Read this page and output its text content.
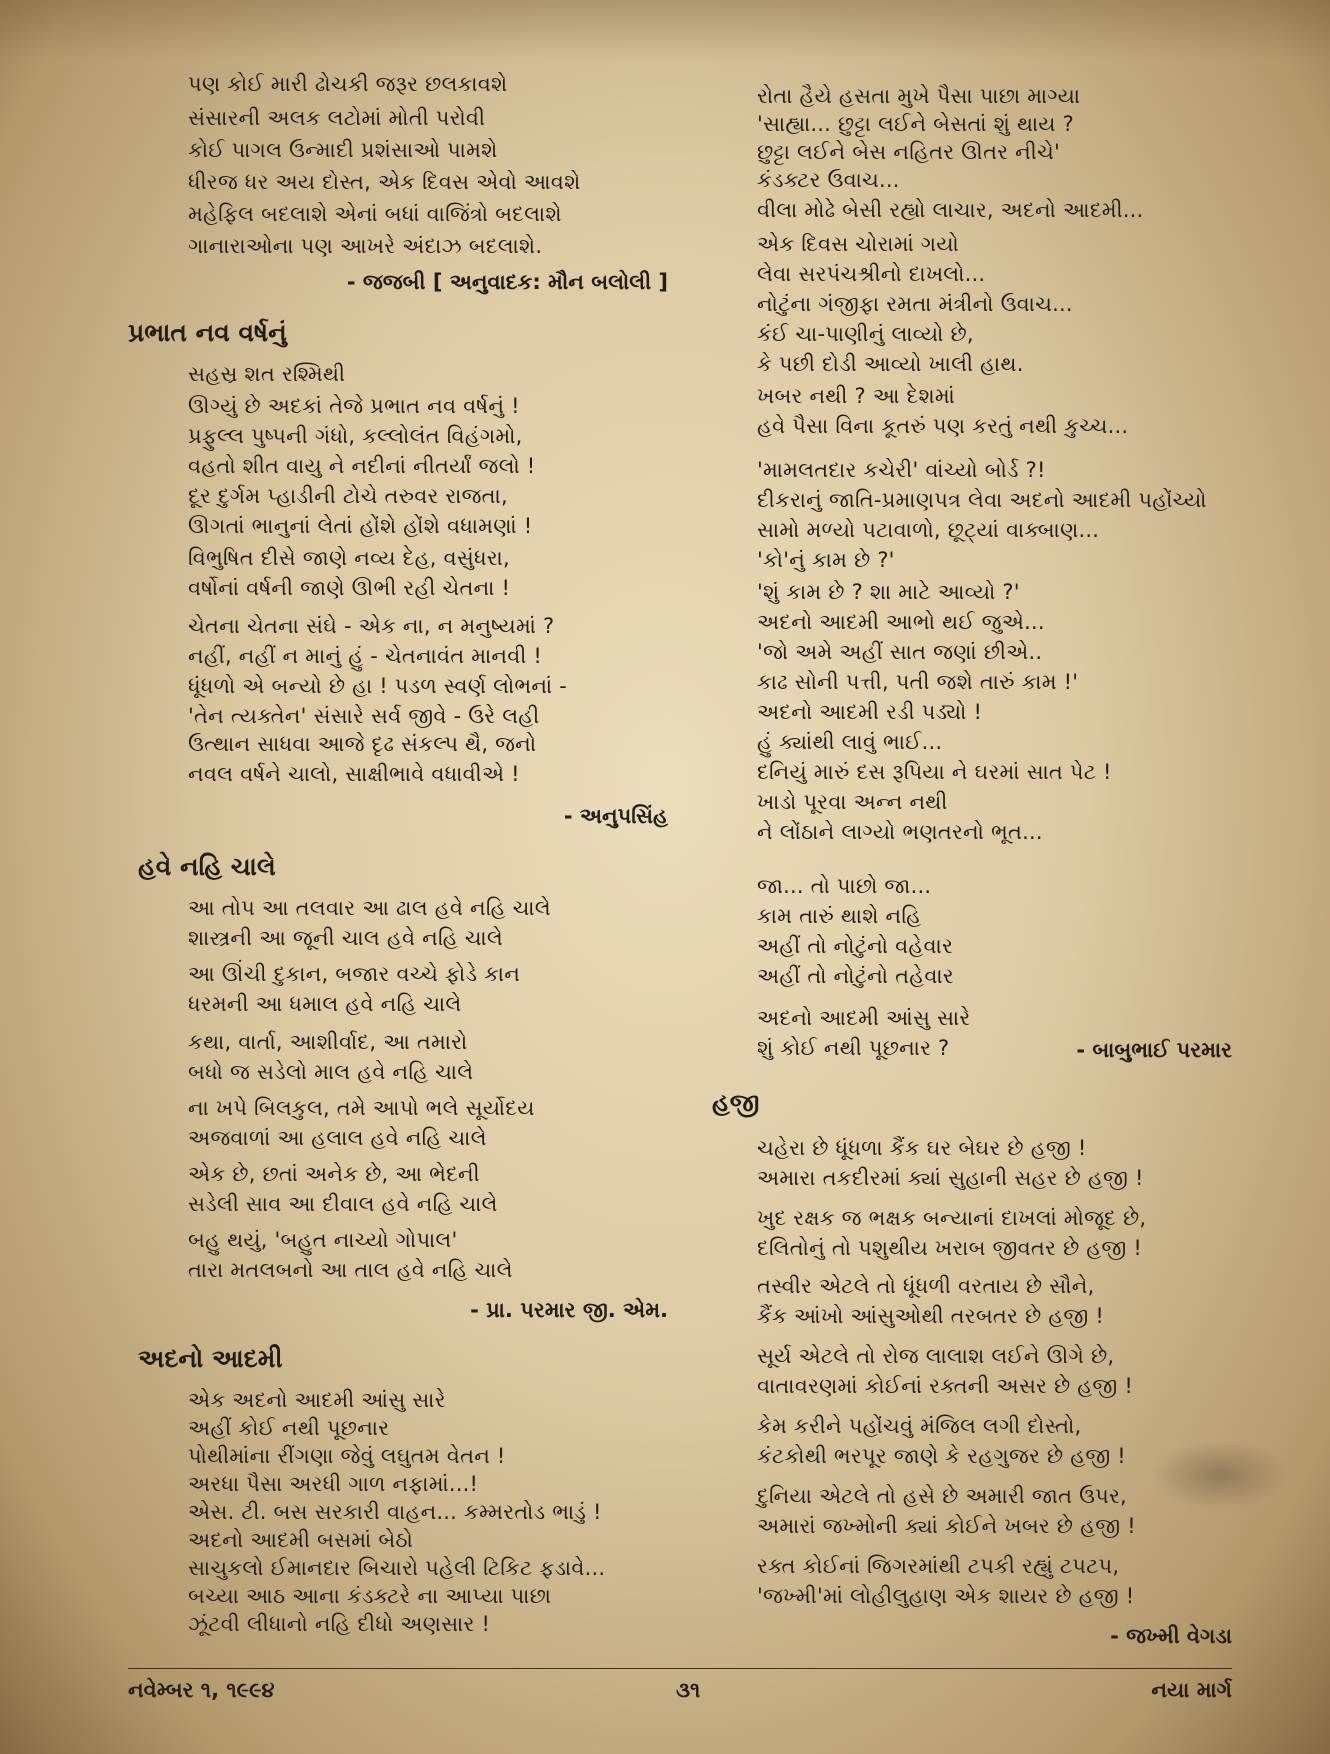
પણ કોઈ મારી ઢોચકી જરૂર છલકાવશે
સંસારની અલક લટોમાં મોતી પરોવી
કોઈ પાગલ ઉન્માદી પ્રશંસાઓ પામશે
ધીરજ ધર અય દોસ્ત, એક દિવસ એવો આવશે
મહેફિલ બદલાશે એનાં બધાં વાજિંત્રો બદલાશે
ગાનારાઓના પણ આખરે અંદાઝ બદલાશે.
- જજબી [ અનુવાદક: મૌન બલોલી ]
પ્રભાત નવ વર્ષનું
સહસ્ર શત રશ્મિથી
ઊગ્યું છે અદકાં તેજે પ્રભાત નવ વર્ષનું !
પ્રફુલ્લ પુષ્પની ગંધો, કલ્લોલંત વિહંગમો,
વહતો શીત વાયુ ને નદીનાં નીતર્યાં જલો !
દૂર દુર્ગમ પ્હાડીની ટોચે તરુવર રાજતા,
ઊગતાં ભાનુનાં લેતાં હોંશે હોંશે વધામણાં !
વિભુષિત દીસે જાણે નવ્ય દેહ, વસુંધરા,
વર્ષોનાં વર્ષની જાણે ઊભી રહી ચેતના !
ચેતના ચેતના સંઘે - એક ના, ન મનુષ્યમાં ?
નહીં, નહીં ન માનું હું - ચેતનાવંત માનવી !
ધૂંધળો એ બન્યો છે હા ! પડળ સ્વર્ણ લોભનાં -
'તેન ત્યક્તેન' સંસારે સર્વ જીવે - ઉરે લહી
ઉત્થાન સાધવા આજે દૃઢ સંકલ્પ થૈ, જનો
નવલ વર્ષને ચાલો, સાક્ષીભાવે વધાવીએ !
- અનુપસિંહ
હવે નહિ ચાલે
આ તોપ આ તલવાર આ ઢાલ હવે નહિ ચાલે
શાસ્ત્રની આ જૂની ચાલ હવે નહિ ચાલે
આ ઊંચી દુકાન, બજાર વચ્ચે ફોડે કાન
ધરમની આ ધમાલ હવે નહિ ચાલે
કથા, વાર્તા, આશીર્વાદ, આ તમારો
બધો જ સડેલો માલ હવે નહિ ચાલે
ના ખપે બિલકુલ, તમે આપો ભલે સૂર્યોદય
અજવાળાં આ હલાલ હવે નહિ ચાલે
એક છે, છતાં અનેક છે, આ ભેદની
સડેલી સાવ આ દીવાલ હવે નહિ ચાલે
બહુ થયું, 'બહુત નાચ્યો ગોપાલ'
તારા મતલબનો આ તાલ હવે નહિ ચાલે
- પ્રા. પરમાર જી. એમ.
અદનો આદમી
એક અદનો આદમી આંસુ સારે
અહીં કોઈ નથી પૂછનાર
પોથીમાંના રીંગણા જેવું લઘુતમ વેતન !
અરધા પૈસા અરધી ગાળ નફામાં...!
એસ. ટી. બસ સરકારી વાહન... કમ્મરતોડ ભાડું !
અદનો આદમી બસમાં બેઠો
સાચુકલો ઈમાનદાર બિચારો પહેલી ટિકિટ ફડાવે...
બચ્યા આઠ આના કંડક્ટરે ના આપ્યા પાછા
ઝૂંટવી લીધાનો નહિ દીધો અણસાર !
રોતા હૈયે હસતા મુખે પૈસા પાછા માગ્યા
'સાહ્યા... છુટ્ટા લઈને બેસતાં શું થાય ?
છુટ્ટા લઈને બેસ નહિતર ઊતર નીચે'
કંડક્ટર ઉવાચ...
વીલા મોઢે બેસી રહ્યો લાચાર, અદનો આદમી...
એક દિવસ ચોરામાં ગયો
લેવા સરપંચશ્રીનો દાખલો...
નોટુંના ગંજીફા રમતા મંત્રીનો ઉવાચ...
કંઈ ચા-પાણીનું લાવ્યો છે,
કે પછી દોડી આવ્યો ખાલી હાથ.
ખબર નથી ? આ દેશમાં
હવે પૈસા વિના કૂતરું પણ કરતું નથી કુચ્ચ...
'મામલતદાર કચેરી' વાંચ્યો બોર્ડ ?!
દીકરાનું જાતિ-પ્રમાણપત્ર લેવા અદનો આદમી પહોંચ્યો
સામો મળ્યો પટાવાળો, છૂટ્યાં વાક્બાણ...
'કો'નું કામ છે ?'
'શું કામ છે ? શા માટે આવ્યો ?'
અદનો આદમી આભો થઈ જુએ...
'જો અમે અહીં સાત જણાં છીએ..
કાઢ સોની પત્તી, પતી જશે તારું કામ !'
અદનો આદમી રડી પડ્યો !
હું ક્યાંથી લાવું ભાઈ...
દનિયું મારું દસ રૂપિયા ને ઘરમાં સાત પેટ !
ખાડો પૂરવા અન્ન નથી
ને લોંઠાને લાગ્યો ભણતરનો ભૂત...
જા... તો પાછો જા...
કામ તારું થાશે નહિ
અહીં તો નોટુંનો વહેવાર
અહીં તો નોટુંનો તહેવાર
અદનો આદમી આંસુ સારે
શું કોઈ નથી પૂછનાર ?	- બાબુભાઈ પરમાર
હજી
ચહેરા છે ધૂંધળા કૈંક ઘર બેઘર છે હજી !
અમારા તકદીરમાં ક્યાં સુહાની સહર છે હજી !
ખુદ રક્ષક જ ભક્ષક બન્યાનાં દાખલાં મોજૂદ છે,
દલિતોનું તો પશુથીય ખરાબ જીવતર છે હજી !
તસ્વીર એટલે તો ધૂંધળી વરતાય છે સૌને,
કૈંક આંખો આંસુઓથી તરબતર છે હજી !
સૂર્ય એટલે તો રોજ લાલાશ લઈને ઊગે છે,
વાતાવરણમાં કોઈનાં રક્તની અસર છે હજી !
કેમ કરીને પહોંચવું મંજિલ લગી દોસ્તો,
કંટકોથી ભરપૂર જાણે કે રહગુજર છે હજી !
દુનિયા એટલે તો હસે છે અમારી જાત ઉપર,
અમારાં જખ્મોની ક્યાં કોઈને ખબર છે હજી !
રક્ત કોઈનાં જિગરમાંથી ટપકી રહ્યું ટપટપ,
'જખ્મી'માં લોહીલુહાણ એક શાયર છે હજી !
- જખ્મી વેગડા
નવેમ્બર ૧, ૧૯૯૪	૩૧	નયા માર્ગ
